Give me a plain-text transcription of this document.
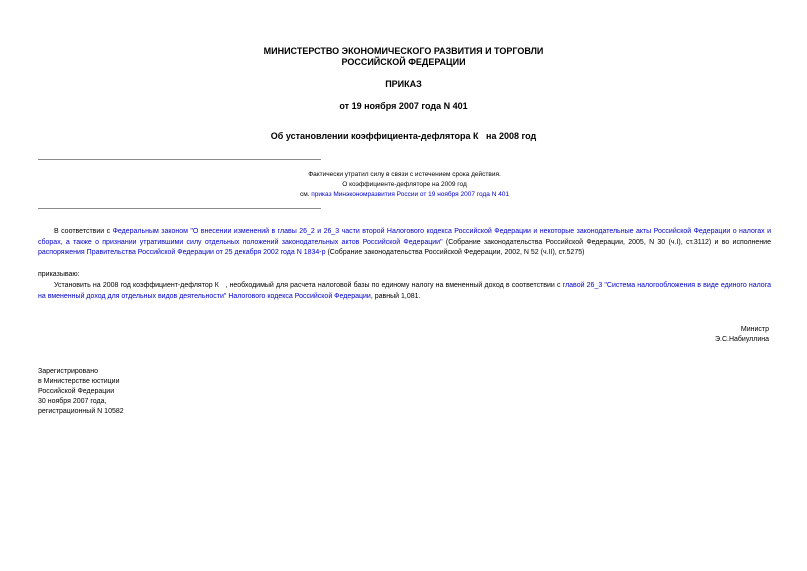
МИНИСТЕРСТВО ЭКОНОМИЧЕСКОГО РАЗВИТИЯ И ТОРГОВЛИ
РОССИЙСКОЙ ФЕДЕРАЦИИ
ПРИКАЗ
от 19 ноября 2007 года N 401
Об установлении коэффициента-дефлятора К   на 2008 год
Фактически утратил силу в связи с истечением срока действия.
О коэффициенте-дефляторе на 2009 год
см. приказ Минэкономразвития России от 19 ноября 2007 года N 401
В соответствии с Федеральным законом "О внесении изменений в главы 26_2 и 26_3 части второй Налогового кодекса Российской Федерации и некоторые законодательные акты Российской Федерации о налогах и сборах, а также о признании утратившими силу отдельных положений законодательных актов Российской Федерации" (Собрание законодательства Российской Федерации, 2005, N 30 (ч.I), ст.3112) и во исполнение распоряжения Правительства Российской Федерации от 25 декабря 2002 года N 1834-р (Собрание законодательства Российской Федерации, 2002, N 52 (ч.II), ст.5275)
приказываю:
Установить на 2008 год коэффициент-дефлятор К   , необходимый для расчета налоговой базы по единому налогу на вмененный доход в соответствии с главой 26_3 "Система налогообложения в виде единого налога на вмененный доход для отдельных видов деятельности" Налогового кодекса Российской Федерации, равный 1,081.
Министр
Э.С.Набиуллина
Зарегистрировано
в Министерстве юстиции
Российской Федерации
30 ноября 2007 года,
регистрационный N 10582
